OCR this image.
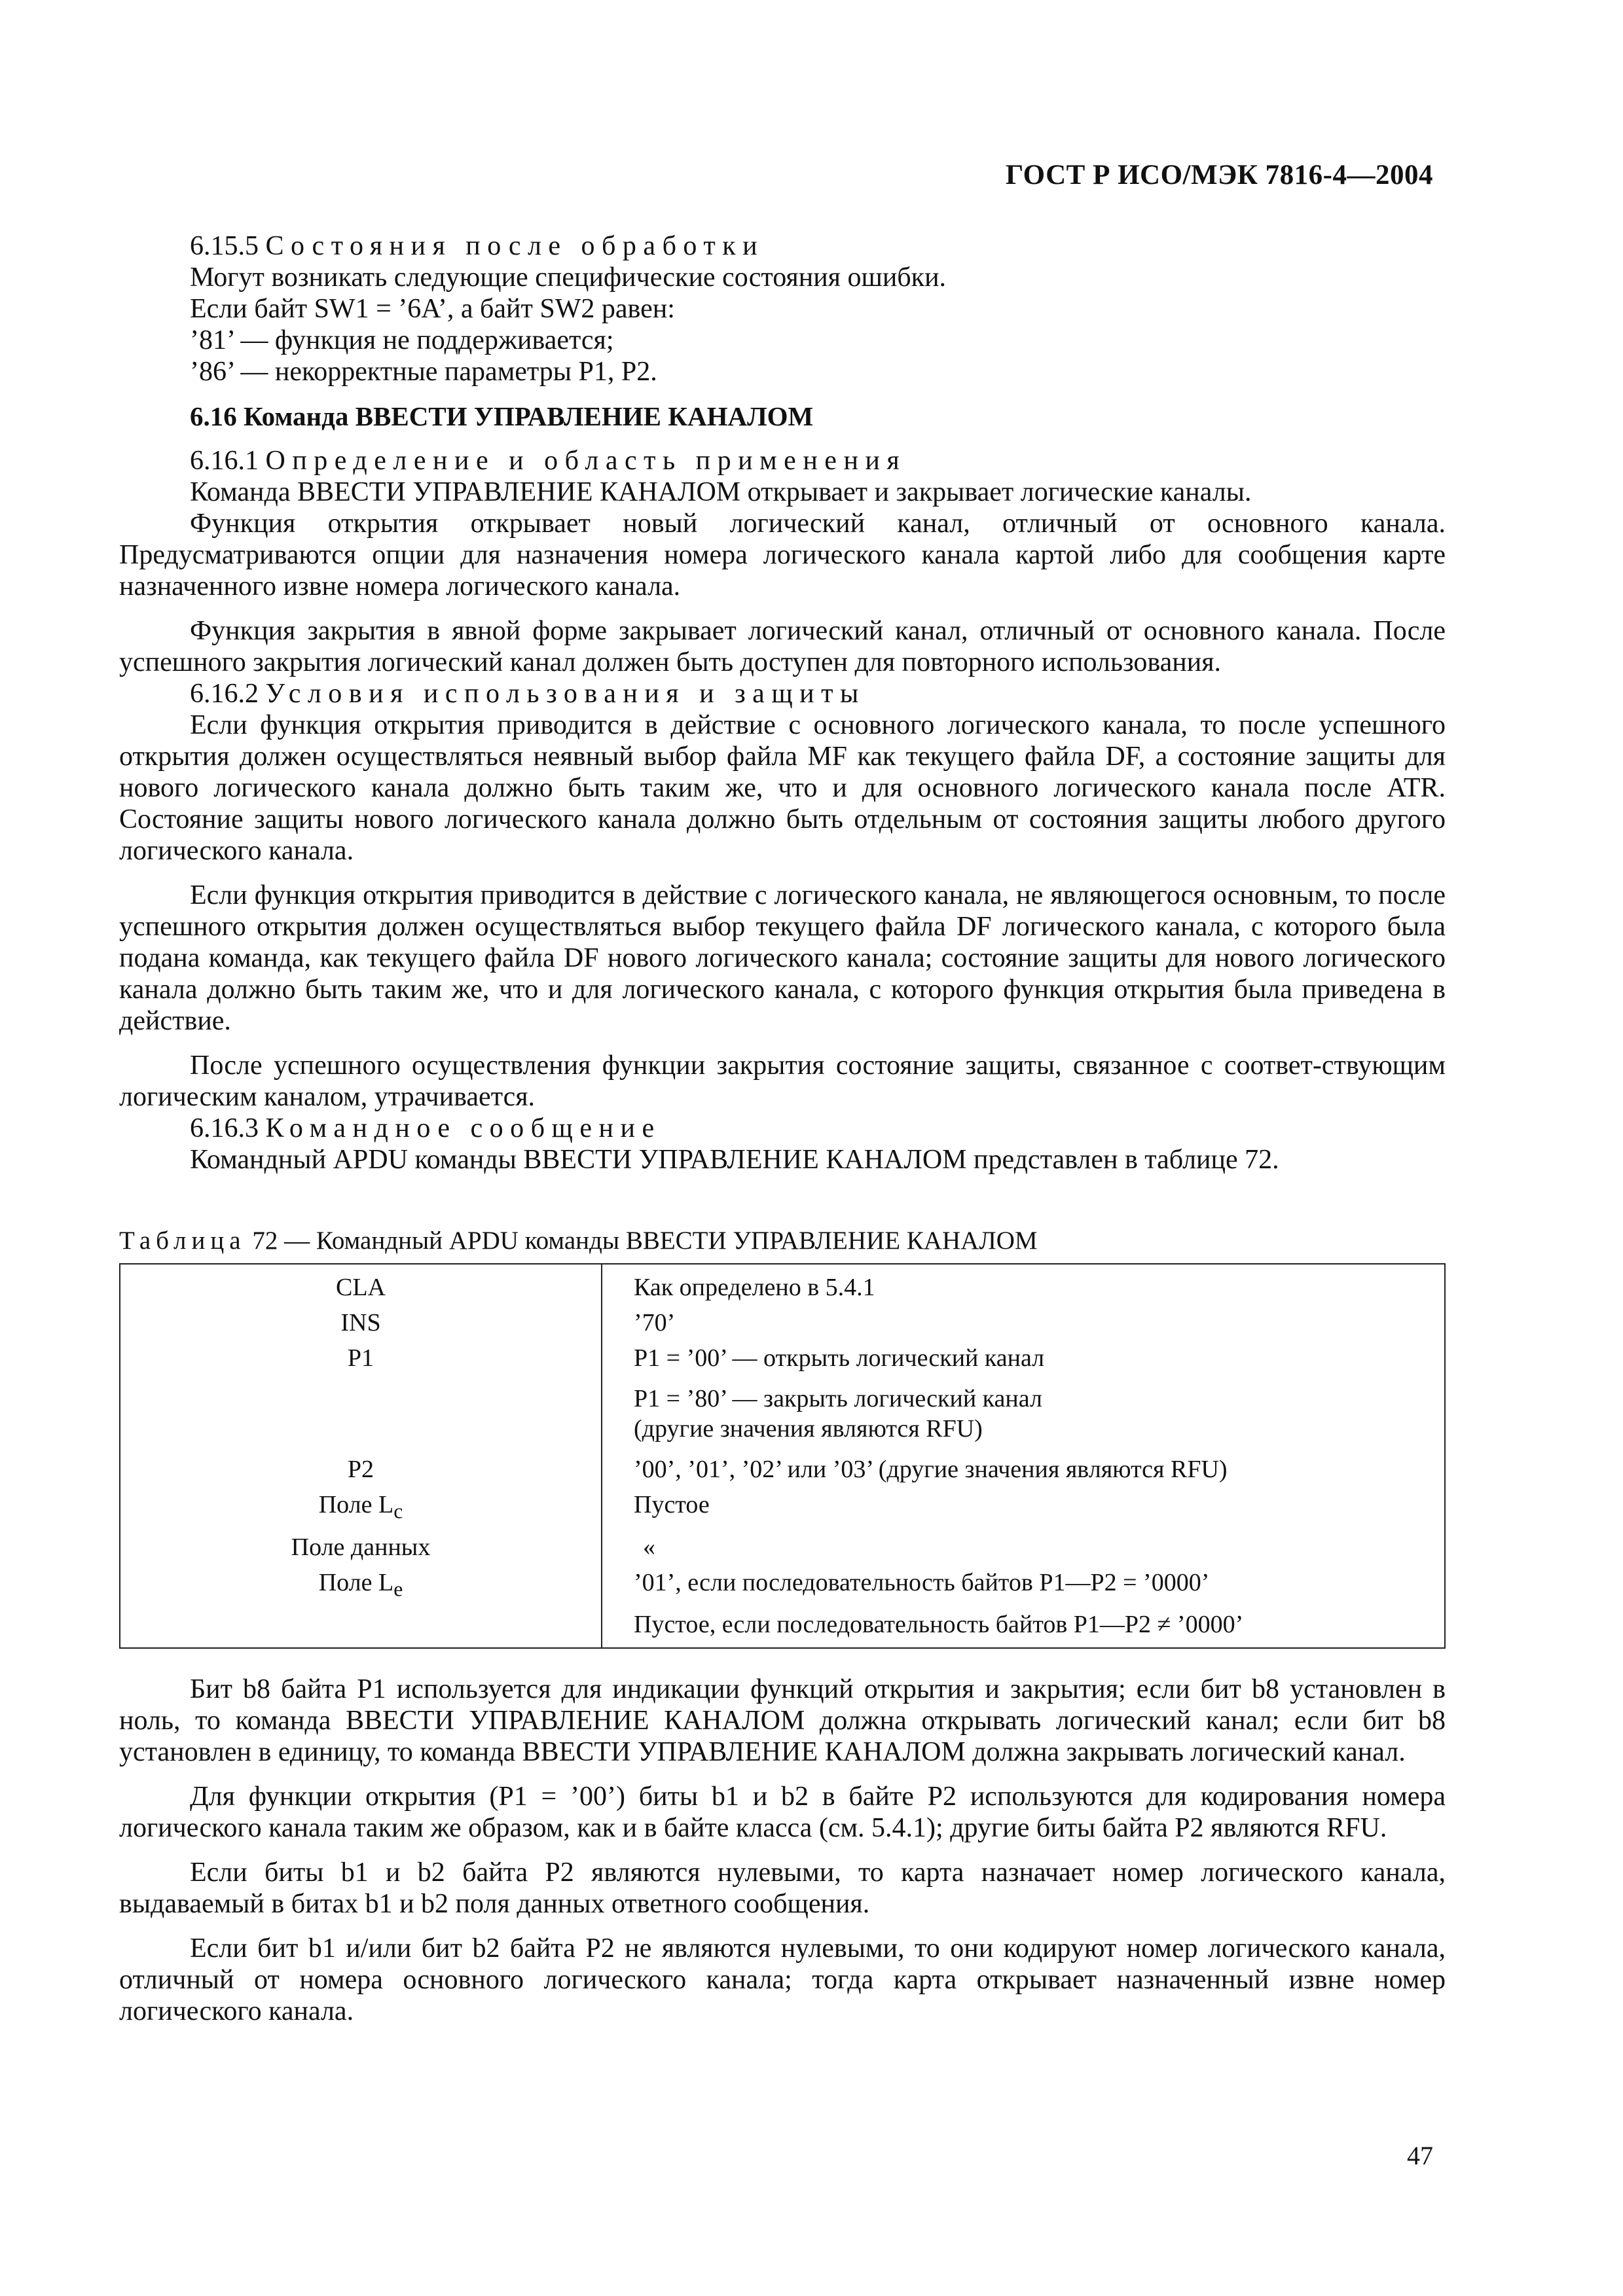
ГОСТ Р ИСО/МЭК 7816-4—2004

6.15.5 Состояния после обработки

Могут возникать следующие специфические состояния ошибки.

Если байт SW1 = ’6A’, а байт SW2 равен:

’81’ — функция не поддерживается;

’86’ — некорректные параметры P1, P2.

6.16 Команда ВВЕСТИ УПРАВЛЕНИЕ КАНАЛОМ

6.16.1 Определение и область применения

Команда ВВЕСТИ УПРАВЛЕНИЕ КАНАЛОМ открывает и закрывает логические каналы.

Функция открытия открывает новый логический канал, отличный от основного канала. Предусматриваются опции для назначения номера логического канала картой либо для сообщения карте назначенного извне номера логического канала.

Функция закрытия в явной форме закрывает логический канал, отличный от основного канала. После успешного закрытия логический канал должен быть доступен для повторного использования.

6.16.2 Условия использования и защиты

Если функция открытия приводится в действие с основного логического канала, то после успешного открытия должен осуществляться неявный выбор файла MF как текущего файла DF, а состояние защиты для нового логического канала должно быть таким же, что и для основного логического канала после ATR. Состояние защиты нового логического канала должно быть отдельным от состояния защиты любого другого логического канала.

Если функция открытия приводится в действие с логического канала, не являющегося основным, то после успешного открытия должен осуществляться выбор текущего файла DF логического канала, с которого была подана команда, как текущего файла DF нового логического канала; состояние защиты для нового логического канала должно быть таким же, что и для логического канала, с которого функция открытия была приведена в действие.

После успешного осуществления функции закрытия состояние защиты, связанное с соответ-ствующим логическим каналом, утрачивается.

6.16.3 Командное сообщение

Командный APDU команды ВВЕСТИ УПРАВЛЕНИЕ КАНАЛОМ представлен в таблице 72.

Таблица 72 — Командный APDU команды ВВЕСТИ УПРАВЛЕНИЕ КАНАЛОМ

CLA	Как определено в 5.4.1
INS	’70’
P1	P1 = ’00’ — открыть логический канал
	P1 = ’80’ — закрыть логический канал
(другие значения являются RFU)
P2	’00’, ’01’, ’02’ или ’03’ (другие значения являются RFU)
Поле $L_c$	Пустое
Поле данных	«
Поле $L_e$	’01’, если последовательность байтов P1—P2 = ’0000’
	Пустое, если последовательность байтов P1—P2 ≠ ’0000’

Бит b8 байта P1 используется для индикации функций открытия и закрытия; если бит b8 установлен в ноль, то команда ВВЕСТИ УПРАВЛЕНИЕ КАНАЛОМ должна открывать логический канал; если бит b8 установлен в единицу, то команда ВВЕСТИ УПРАВЛЕНИЕ КАНАЛОМ должна закрывать логический канал.

Для функции открытия (P1 = ’00’) биты b1 и b2 в байте P2 используются для кодирования номера логического канала таким же образом, как и в байте класса (см. 5.4.1); другие биты байта P2 являются RFU.

Если биты b1 и b2 байта P2 являются нулевыми, то карта назначает номер логического канала, выдаваемый в битах b1 и b2 поля данных ответного сообщения.

Если бит b1 и/или бит b2 байта P2 не являются нулевыми, то они кодируют номер логического канала, отличный от номера основного логического канала; тогда карта открывает назначенный извне номер логического канала.

47
